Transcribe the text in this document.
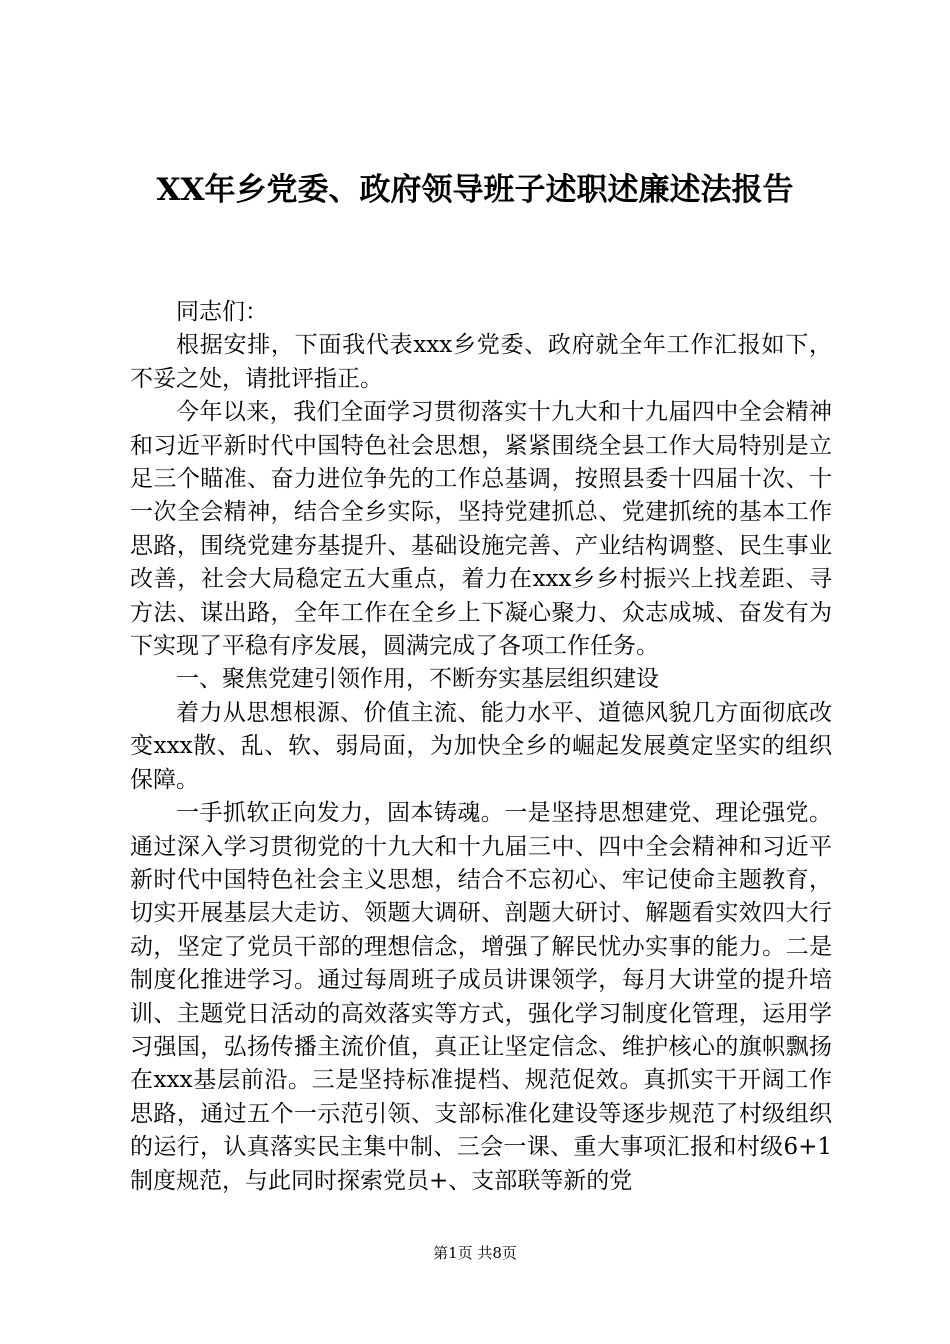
XX年乡党委、政府领导班子述职述廉述法报告

同志们：

根据安排，下面我代表xxx乡党委、政府就全年工作汇报如下，不妥之处，请批评指正。

今年以来，我们全面学习贯彻落实十九大和十九届四中全会精神和习近平新时代中国特色社会思想，紧紧围绕全县工作大局特别是立足三个瞄准、奋力进位争先的工作总基调，按照县委十四届十次、十一次全会精神，结合全乡实际，坚持党建抓总、党建抓统的基本工作思路，围绕党建夯基提升、基础设施完善、产业结构调整、民生事业改善，社会大局稳定五大重点，着力在xxx乡乡村振兴上找差距、寻方法、谋出路，全年工作在全乡上下凝心聚力、众志成城、奋发有为下实现了平稳有序发展，圆满完成了各项工作任务。

一、聚焦党建引领作用，不断夯实基层组织建设

着力从思想根源、价值主流、能力水平、道德风貌几方面彻底改变xxx散、乱、软、弱局面，为加快全乡的崛起发展奠定坚实的组织保障。

一手抓软正向发力，固本铸魂。一是坚持思想建党、理论强党。通过深入学习贯彻党的十九大和十九届三中、四中全会精神和习近平新时代中国特色社会主义思想，结合不忘初心、牢记使命主题教育，切实开展基层大走访、领题大调研、剖题大研讨、解题看实效四大行动，坚定了党员干部的理想信念，增强了解民忧办实事的能力。二是制度化推进学习。通过每周班子成员讲课领学，每月大讲堂的提升培训、主题党日活动的高效落实等方式，强化学习制度化管理，运用学习强国，弘扬传播主流价值，真正让坚定信念、维护核心的旗帜飘扬在xxx基层前沿。三是坚持标准提档、规范促效。真抓实干开阔工作思路，通过五个一示范引领、支部标准化建设等逐步规范了村级组织的运行，认真落实民主集中制、三会一课、重大事项汇报和村级6+1制度规范，与此同时探索党员+、支部联等新的党

第1页 共8页
